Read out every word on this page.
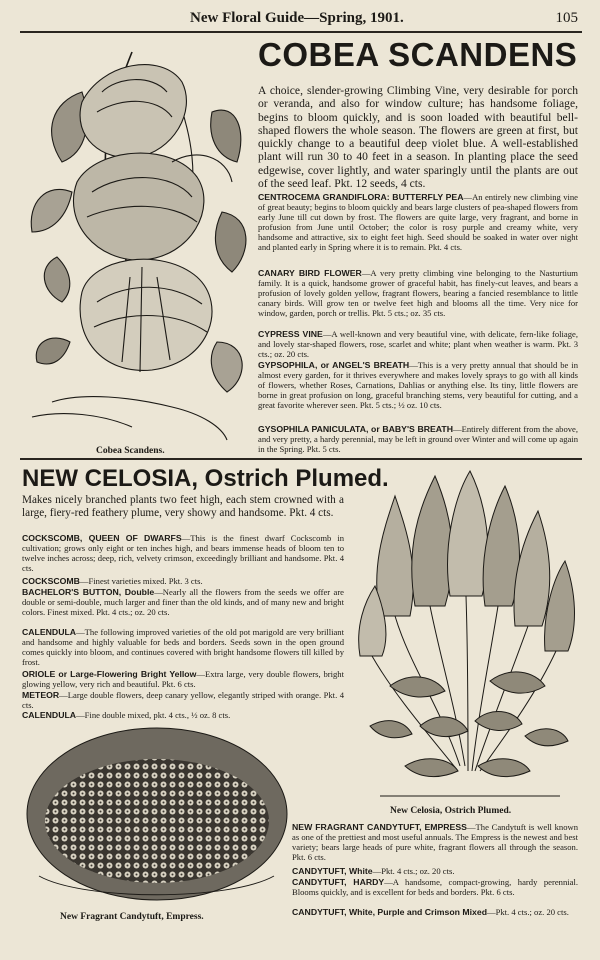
New Floral Guide—Spring, 1901.	105
Cobea Scandens.
COBEA SCANDENS
A choice, slender-growing Climbing Vine, very desirable for porch or veranda, and also for window culture; has handsome foliage, begins to bloom quickly, and is soon loaded with beautiful bell-shaped flowers the whole season. The flowers are green at first, but quickly change to a beautiful deep violet blue. A well-established plant will run 30 to 40 feet in a season. In planting place the seed edgewise, cover lightly, and water sparingly until the plants are out of the seed leaf. Pkt. 12 seeds, 4 cts.
CENTROCEMA GRANDIFLORA: BUTTERFLY PEA—An entirely new climbing vine of great beauty; begins to bloom quickly and bears large clusters of pea-shaped flowers from early June till cut down by frost. The flowers are quite large, very fragrant, and borne in profusion from June until October; the color is rosy purple and creamy white, very handsome and attractive, six to eight feet high. Seed should be soaked in water over night and planted early in Spring where it is to remain. Pkt. 4 cts.
CANARY BIRD FLOWER—A very pretty climbing vine belonging to the Nasturtium family. It is a quick, handsome grower of graceful habit, has finely-cut leaves, and bears a profusion of lovely golden yellow, fragrant flowers, bearing a fancied resemblance to little canary birds. Will grow ten or twelve feet high and blooms all the time. Very nice for window, garden, porch or trellis. Pkt. 5 cts.; oz. 35 cts.
CYPRESS VINE—A well-known and very beautiful vine, with delicate, fern-like foliage, and lovely star-shaped flowers, rose, scarlet and white; plant when weather is warm. Pkt. 3 cts.; oz. 20 cts.
GYPSOPHILA, or ANGEL'S BREATH—This is a very pretty annual that should be in almost every garden, for it thrives everywhere and makes lovely sprays to go with all kinds of flowers, whether Roses, Carnations, Dahlias or anything else. Its tiny, little flowers are borne in great profusion on long, graceful branching stems, very beautiful for cutting, and a great favorite wherever seen. Pkt. 5 cts.; ½ oz. 10 cts.
GYSOPHILA PANICULATA, or BABY'S BREATH—Entirely different from the above, and very pretty, a hardy perennial, may be left in ground over Winter and will come up again in the Spring. Pkt. 5 cts.
NEW CELOSIA, Ostrich Plumed.
Makes nicely branched plants two feet high, each stem crowned with a large, fiery-red feathery plume, very showy and handsome. Pkt. 4 cts.
COCKSCOMB, QUEEN OF DWARFS—This is the finest dwarf Cockscomb in cultivation; grows only eight or ten inches high, and bears immense heads of bloom ten to twelve inches across; deep, rich, velvety crimson, exceedingly brilliant and handsome. Pkt. 4 cts.
COCKSCOMB—Finest varieties mixed. Pkt. 3 cts.
BACHELOR'S BUTTON, Double—Nearly all the flowers from the seeds we offer are double or semi-double, much larger and finer than the old kinds, and of many new and bright colors. Finest mixed. Pkt. 4 cts.; oz. 20 cts.
CALENDULA—The following improved varieties of the old pot marigold are very brilliant and handsome and highly valuable for beds and borders. Seeds sown in the open ground comes quickly into bloom, and continues covered with bright handsome flowers till killed by frost.
ORIOLE or Large-Flowering Bright Yellow—Extra large, very double flowers, bright glowing yellow, very rich and beautiful. Pkt. 6 cts.
METEOR—Large double flowers, deep canary yellow, elegantly striped with orange. Pkt. 4 cts.
CALENDULA—Fine double mixed, pkt. 4 cts., ½ oz. 8 cts.
New Celosia, Ostrich Plumed.
New Fragrant Candytuft, Empress.
NEW FRAGRANT CANDYTUFT, EMPRESS—The Candytuft is well known as one of the prettiest and most useful annuals. The Empress is the newest and best variety; bears large heads of pure white, fragrant flowers all through the season. Pkt. 6 cts.
CANDYTUFT, White—Pkt. 4 cts.; oz. 20 cts.
CANDYTUFT, HARDY—A handsome, compact-growing, hardy perennial. Blooms quickly, and is excellent for beds and borders. Pkt. 6 cts.
CANDYTUFT, White, Purple and Crimson Mixed—Pkt. 4 cts.; oz. 20 cts.
